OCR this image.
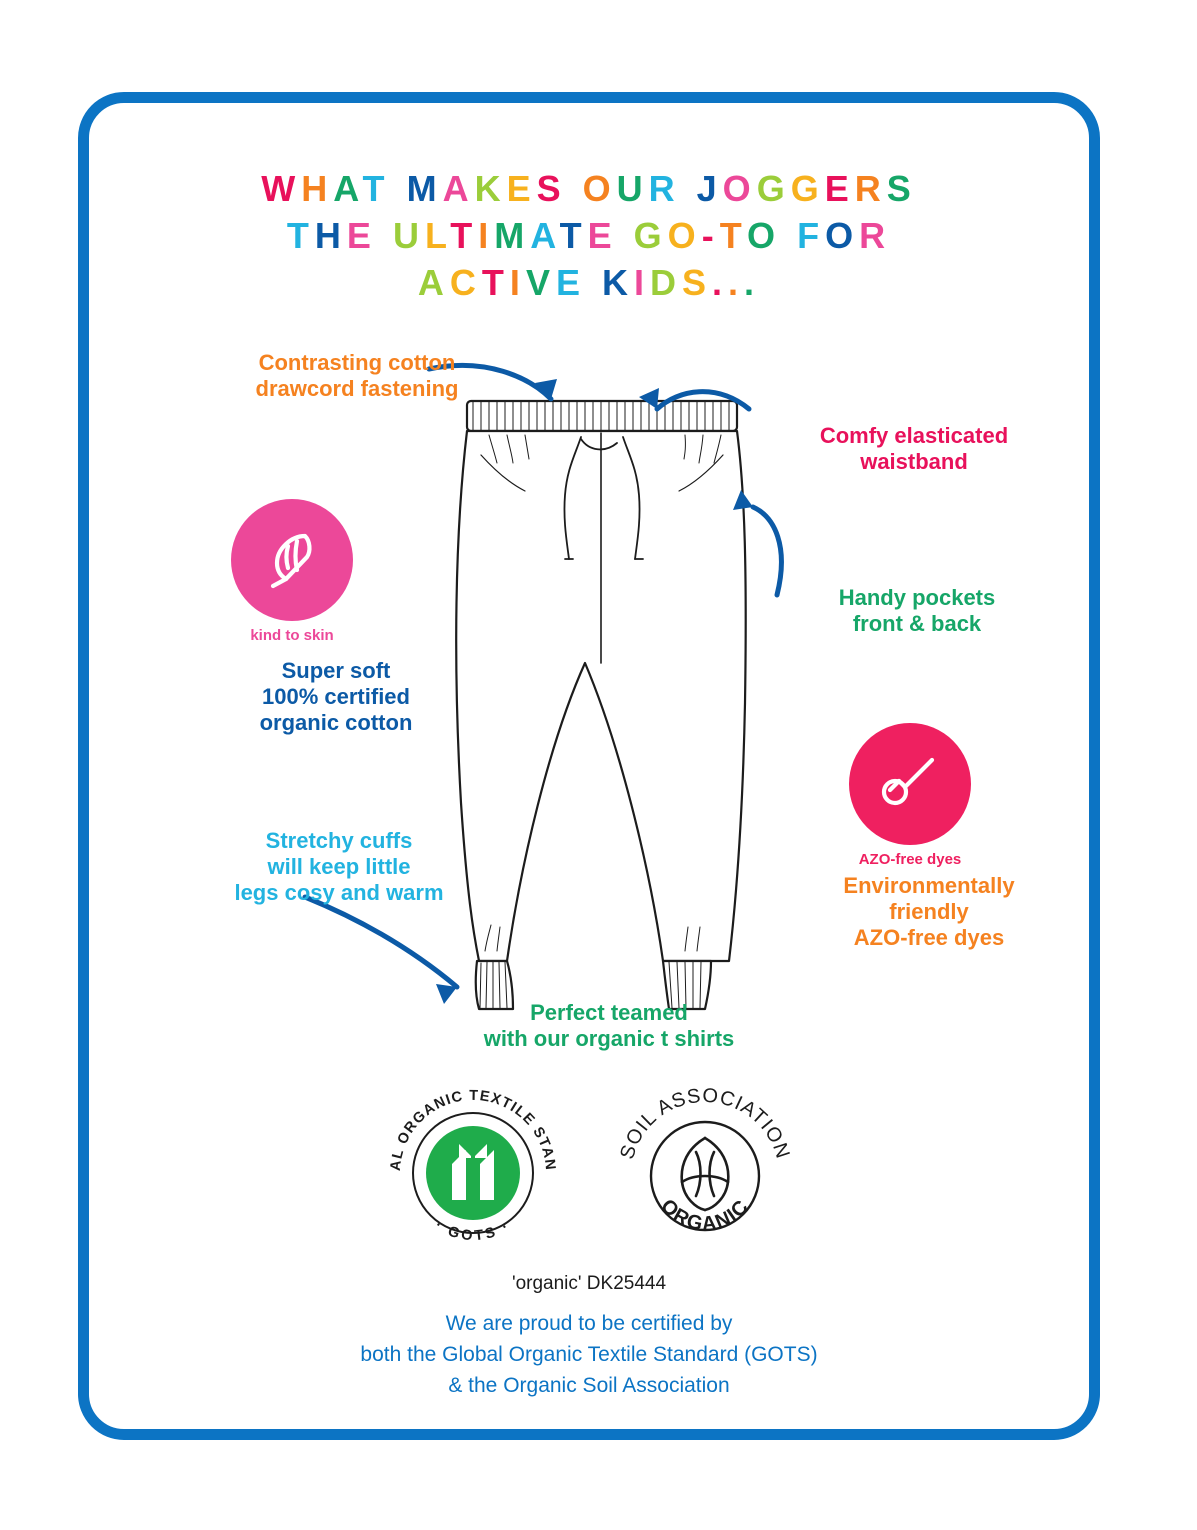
WHAT MAKES OUR JOGGERS
THE ULTIMATE GO-TO FOR
ACTIVE KIDS...
Contrasting cotton
drawcord fastening
Comfy elasticated
waistband
Handy pockets
front & back
Super soft
100% certified
organic cotton
Stretchy cuffs
will keep little
legs cosy and warm	Environmentally
friendly
AZO-free dyes
Perfect teamed
with our organic t shirts
kind to skin
AZO-free dyes
GLOBAL ORGANIC TEXTILE STANDARD
· GOTS ·
SOIL ASSOCIATION
ORGANIC
'organic' DK25444
We are proud to be certified by
both the Global Organic Textile Standard (GOTS)
& the Organic Soil Association
